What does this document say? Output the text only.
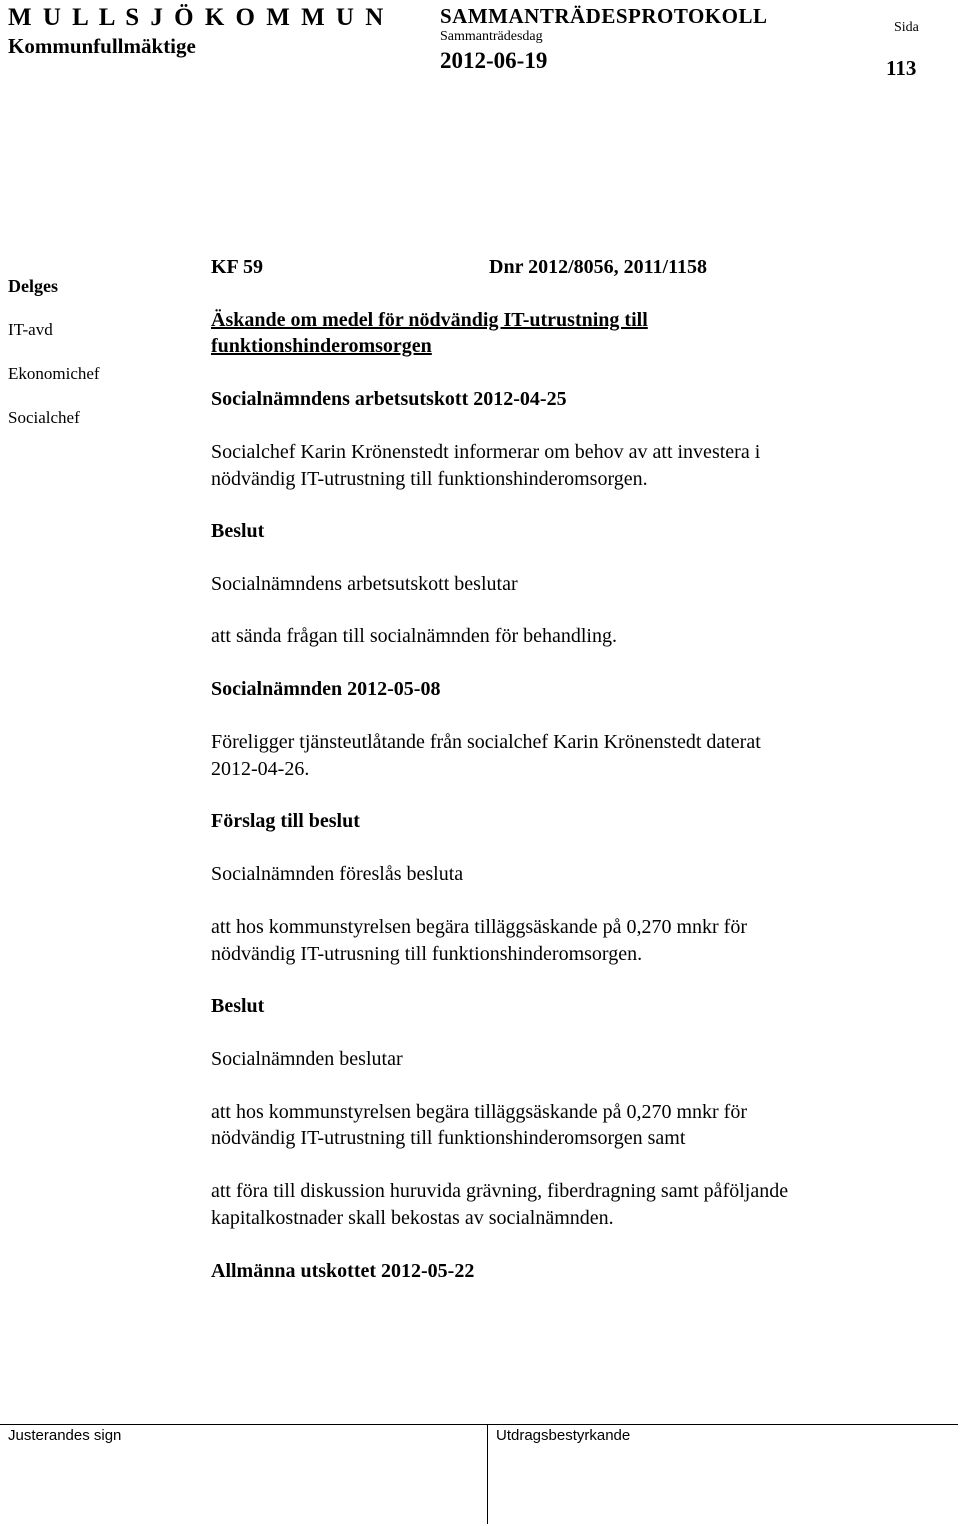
M U L L S J Ö K O M M U N
Kommunfullmäktige
SAMMANTRÄDESPROTOKOLL
Sammanträdesdag
2012-06-19
Sida
113
Delges
IT-avd
Ekonomichef
Socialchef
KF 59	Dnr 2012/8056, 2011/1158
Äskande om medel för nödvändig IT-utrustning till
funktionshinderomsorgen
Socialnämndens arbetsutskott 2012-04-25
Socialchef Karin Krönenstedt informerar om behov av att investera i
nödvändig IT-utrustning till funktionshinderomsorgen.
Beslut
Socialnämndens arbetsutskott beslutar
att sända frågan till socialnämnden för behandling.
Socialnämnden 2012-05-08
Föreligger tjänsteutlåtande från socialchef Karin Krönenstedt daterat
2012-04-26.
Förslag till beslut
Socialnämnden föreslås besluta
att hos kommunstyrelsen begära tilläggsäskande på 0,270 mnkr för
nödvändig IT-utrusning till funktionshinderomsorgen.
Beslut
Socialnämnden beslutar
att hos kommunstyrelsen begära tilläggsäskande på 0,270 mnkr för
nödvändig IT-utrustning till funktionshinderomsorgen samt
att föra till diskussion huruvida grävning, fiberdragning samt påföljande
kapitalkostnader skall bekostas av socialnämnden.
Allmänna utskottet 2012-05-22
Justerandes sign	Utdragsbestyrkande
